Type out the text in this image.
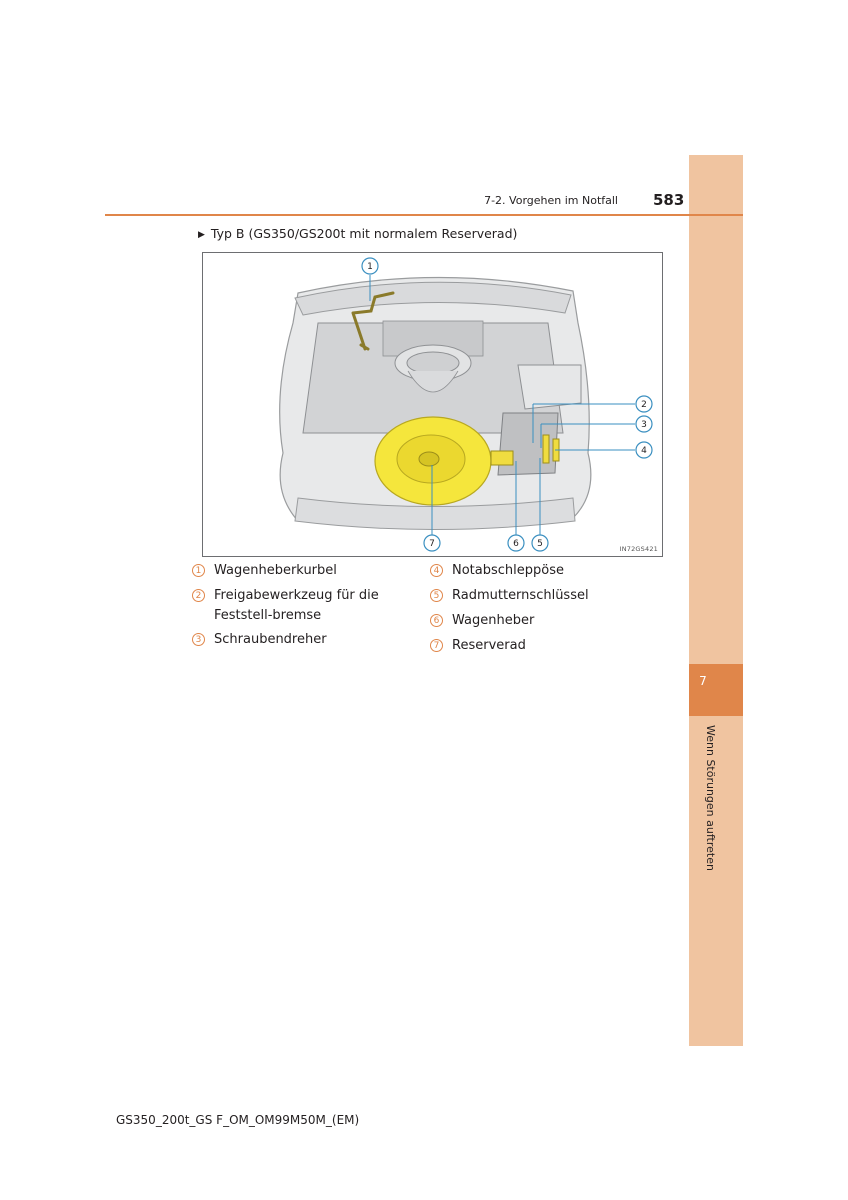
7
Wenn Störungen auftreten
7-2. Vorgehen im Notfall 583
▶ Typ B (GS350/GS200t mit normalem Reserverad)
1
2
3
4
5
6
7	IN72GS421
1 Wagenheberkurbel
2 Freigabewerkzeug für die Feststell-bremse
3 Schraubendreher
4 Notabschleppöse
5 Radmutternschlüssel
6 Wagenheber
7 Reserverad
GS350_200t_GS F_OM_OM99M50M_(EM)
